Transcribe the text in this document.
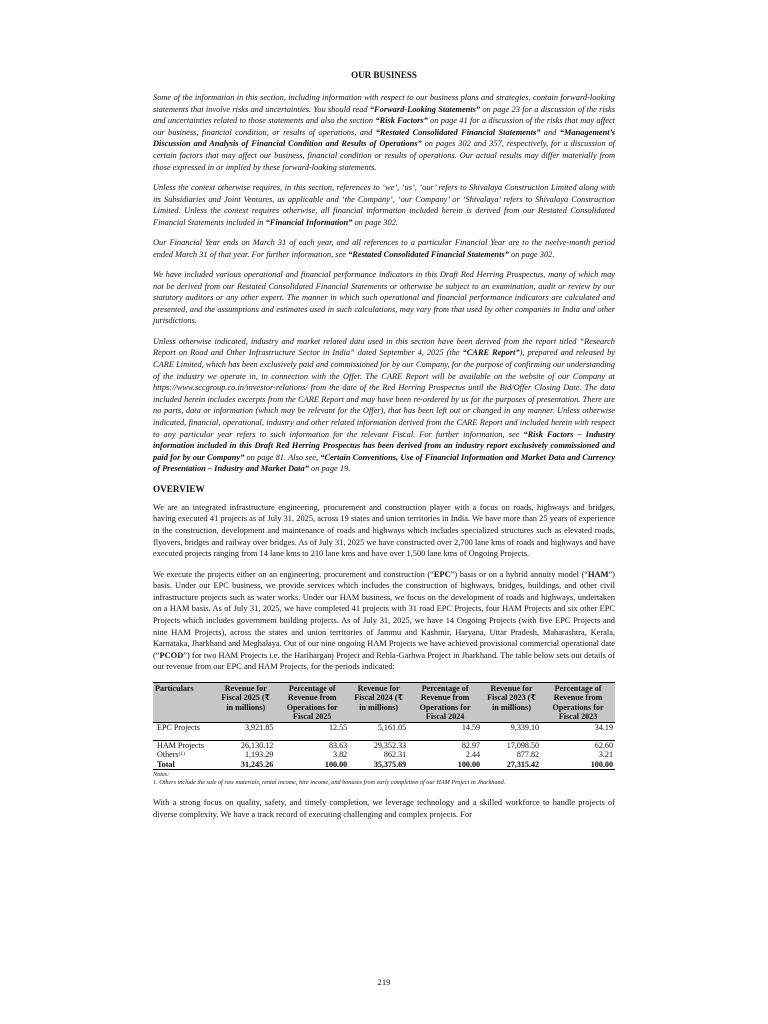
OUR BUSINESS
Some of the information in this section, including information with respect to our business plans and strategies, contain forward-looking statements that involve risks and uncertainties. You should read “Forward-Looking Statements” on page 23 for a discussion of the risks and uncertainties related to those statements and also the section “Risk Factors” on page 41 for a discussion of the risks that may affect our business, financial condition, or results of operations, and “Restated Consolidated Financial Statements” and “Management’s Discussion and Analysis of Financial Condition and Results of Operations” on pages 302 and 357, respectively, for a discussion of certain factors that may affect our business, financial condition or results of operations. Our actual results may differ materially from those expressed in or implied by these forward-looking statements.
Unless the context otherwise requires, in this section, references to ‘we’, ‘us’, ‘our’ refers to Shivalaya Construction Limited along with its Subsidiaries and Joint Ventures, as applicable and ‘the Company’, ‘our Company’ or ‘Shivalaya’ refers to Shivalaya Construction Limited. Unless the context requires otherwise, all financial information included herein is derived from our Restated Consolidated Financial Statements included in “Financial Information” on page 302.
Our Financial Year ends on March 31 of each year, and all references to a particular Financial Year are to the twelve-month period ended March 31 of that year. For further information, see “Restated Consolidated Financial Statements” on page 302.
We have included various operational and financial performance indicators in this Draft Red Herring Prospectus, many of which may not be derived from our Restated Consolidated Financial Statements or otherwise be subject to an examination, audit or review by our statutory auditors or any other expert. The manner in which such operational and financial performance indicators are calculated and presented, and the assumptions and estimates used in such calculations, may vary from that used by other companies in India and other jurisdictions.
Unless otherwise indicated, industry and market related data used in this section have been derived from the report titled “Research Report on Road and Other Infrastructure Sector in India” dated September 4, 2025 (the “CARE Report”), prepared and released by CARE Limited, which has been exclusively paid and commissioned for by our Company, for the purpose of confirming our understanding of the industry we operate in, in connection with the Offer. The CARE Report will be available on the website of our Company at https://www.sccgroup.co.in/investor-relations/ from the date of the Red Herring Prospectus until the Bid/Offer Closing Date. The data included herein includes excerpts from the CARE Report and may have been re-ordered by us for the purposes of presentation. There are no parts, data or information (which may be relevant for the Offer), that has been left out or changed in any manner. Unless otherwise indicated, financial, operational, industry and other related information derived from the CARE Report and included herein with respect to any particular year refers to such information for the relevant Fiscal. For further information, see “Risk Factors – Industry information included in this Draft Red Herring Prospectus has been derived from an industry report exclusively commissioned and paid for by our Company” on page 81. Also see, “Certain Conventions, Use of Financial Information and Market Data and Currency of Presentation – Industry and Market Data” on page 19.
OVERVIEW
We are an integrated infrastructure engineering, procurement and construction player with a focus on roads, highways and bridges, having executed 41 projects as of July 31, 2025, across 19 states and union territories in India. We have more than 25 years of experience in the construction, development and maintenance of roads and highways which includes specialized structures such as elevated roads, flyovers, bridges and railway over bridges. As of July 31, 2025 we have constructed over 2,700 lane kms of roads and highways and have executed projects ranging from 14 lane kms to 210 lane kms and have over 1,500 lane kms of Ongoing Projects.
We execute the projects either on an engineering, procurement and construction (“EPC”) basis or on a hybrid annuity model (“HAM”) basis. Under our EPC business, we provide services which includes the construction of highways, bridges, buildings, and other civil infrastructure projects such as water works. Under our HAM business, we focus on the development of roads and highways, undertaken on a HAM basis. As of July 31, 2025, we have completed 41 projects with 31 road EPC Projects, four HAM Projects and six other EPC Projects which includes government building projects. As of July 31, 2025, we have 14 Ongoing Projects (with five EPC Projects and nine HAM Projects), across the states and union territories of Jammu and Kashmir, Haryana, Uttar Pradesh, Maharashtra, Kerala, Karnataka, Jharkhand and Meghalaya. Out of our nine ongoing HAM Projects we have achieved provisional commercial operational date (“PCOD”) for two HAM Projects i.e. the Hariharganj Project and Rehla-Garhwa Project in Jharkhand. The table below sets out details of our revenue from our EPC and HAM Projects, for the periods indicated:
Particulars	Revenue for Fiscal 2025 (₹ in millions)	Percentage of Revenue from Operations for Fiscal 2025	Revenue for Fiscal 2024 (₹ in millions)	Percentage of Revenue from Operations for Fiscal 2024	Revenue for Fiscal 2023 (₹ in millions)	Percentage of Revenue from Operations for Fiscal 2023
EPC Projects	3,921.85	12.55	5,161.05	14.59	9,339.10	34.19

HAM Projects	26,130.12	83.63	29,352.33	82.97	17,098.50	62.60
Others$^{(1)}$	1,193.29	3.82	862.31	2.44	877.82	3.21
Total	31,245.26	100.00	35,375.69	100.00	27,315.42	100.00
Notes:
1. Others include the sale of raw materials, rental income, hire income, and bonuses from early completion of our HAM Project in Jharkhand.
With a strong focus on quality, safety, and timely completion, we leverage technology and a skilled workforce to handle projects of diverse complexity. We have a track record of executing challenging and complex projects. For
219
